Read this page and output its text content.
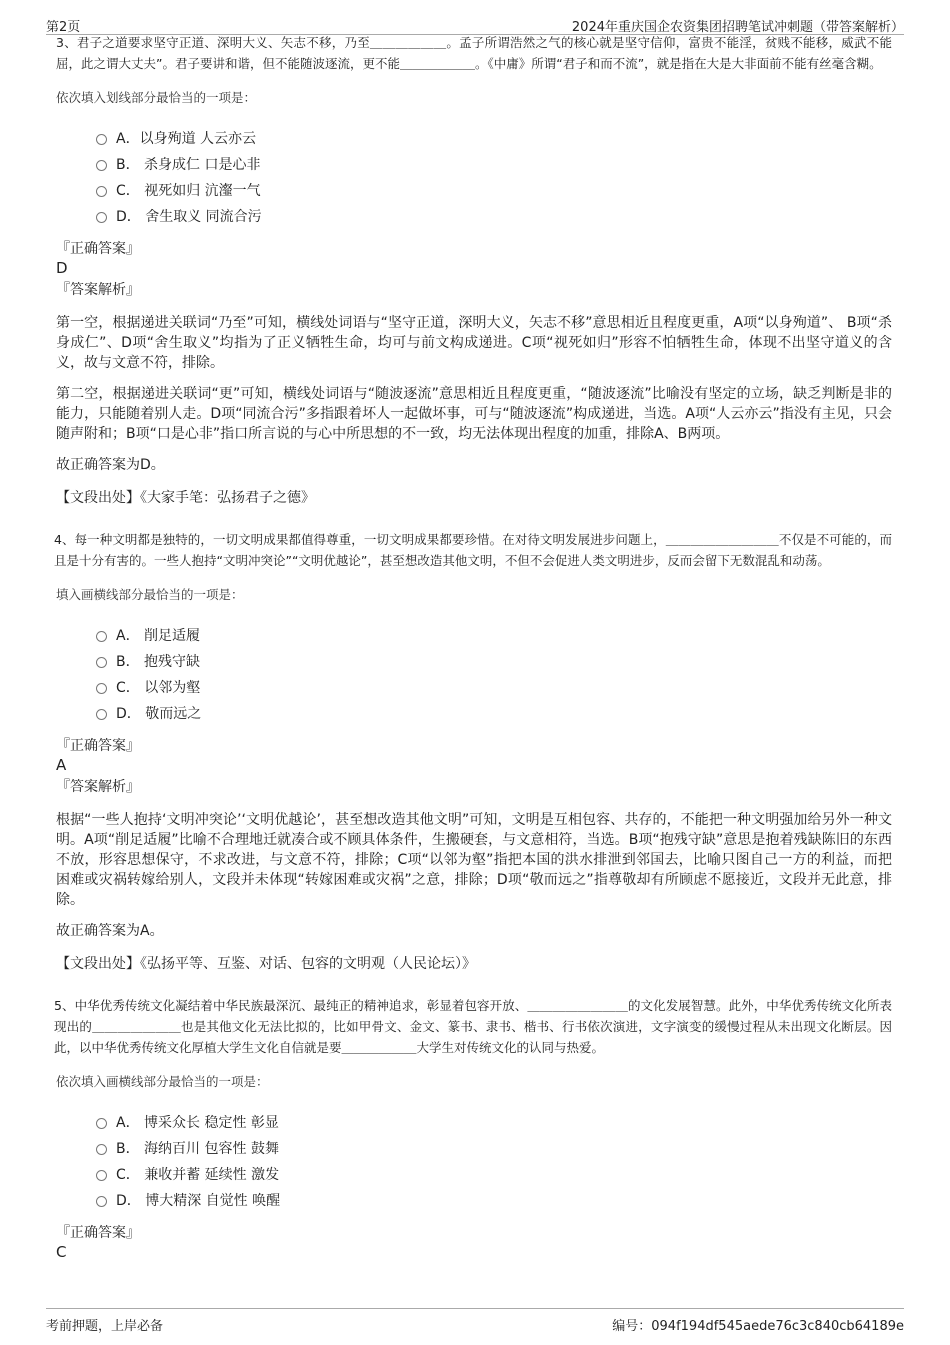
第2页	2024年重庆国企农资集团招聘笔试冲刺题（带答案解析）

3、君子之道要求坚守正道、深明大义、矢志不移，乃至＿＿＿＿＿＿。孟子所谓浩然之气的核心就是坚守信仰，富贵不能淫，贫贱不能移，威武不能屈，此之谓大丈夫”。君子要讲和谐，但不能随波逐流，更不能＿＿＿＿＿＿。《中庸》所谓“君子和而不流”，就是指在大是大非面前不能有丝毫含糊。

依次填入划线部分最恰当的一项是：

A．以身殉道 人云亦云
B． 杀身成仁 口是心非
C． 视死如归 沆瀣一气
D． 舍生取义 同流合污
『正确答案』
D
『答案解析』

第一空，根据递进关联词“乃至”可知，横线处词语与“坚守正道，深明大义，矢志不移”意思相近且程度更重，A项“以身殉道”、 B项“杀身成仁”、D项“舍生取义”均指为了正义牺牲生命，均可与前文构成递进。C项“视死如归”形容不怕牺牲生命，体现不出坚守道义的含义，故与文意不符，排除。

第二空，根据递进关联词“更”可知，横线处词语与“随波逐流”意思相近且程度更重，“随波逐流”比喻没有坚定的立场，缺乏判断是非的能力，只能随着别人走。D项“同流合污”多指跟着坏人一起做坏事，可与“随波逐流”构成递进，当选。A项“人云亦云”指没有主见，只会随声附和；B项“口是心非”指口所言说的与心中所思想的不一致，均无法体现出程度的加重，排除A、B两项。

故正确答案为D。

【文段出处】《大家手笔：弘扬君子之德》

4、每一种文明都是独特的，一切文明成果都值得尊重，一切文明成果都要珍惜。在对待文明发展进步问题上，＿＿＿＿＿＿＿＿＿不仅是不可能的，而且是十分有害的。一些人抱持“文明冲突论”“文明优越论”，甚至想改造其他文明，不但不会促进人类文明进步，反而会留下无数混乱和动荡。

填入画横线部分最恰当的一项是：

A． 削足适履
B． 抱残守缺
C． 以邻为壑
D． 敬而远之
『正确答案』
A
『答案解析』

根据“一些人抱持‘文明冲突论’‘文明优越论’，甚至想改造其他文明”可知，文明是互相包容、共存的，不能把一种文明强加给另外一种文明。A项“削足适履”比喻不合理地迁就凑合或不顾具体条件，生搬硬套，与文意相符，当选。B项“抱残守缺”意思是抱着残缺陈旧的东西不放，形容思想保守，不求改进，与文意不符，排除；C项“以邻为壑”指把本国的洪水排泄到邻国去，比喻只图自己一方的利益，而把困难或灾祸转嫁给别人，文段并未体现“转嫁困难或灾祸”之意，排除；D项“敬而远之”指尊敬却有所顾虑不愿接近，文段并无此意，排除。

故正确答案为A。

【文段出处】《弘扬平等、互鉴、对话、包容的文明观（人民论坛）》

5、中华优秀传统文化凝结着中华民族最深沉、最纯正的精神追求，彰显着包容开放、＿＿＿＿＿＿＿＿的文化发展智慧。此外，中华优秀传统文化所表现出的＿＿＿＿＿＿＿也是其他文化无法比拟的，比如甲骨文、金文、篆书、隶书、楷书、行书依次演进，文字演变的缓慢过程从未出现文化断层。因此，以中华优秀传统文化厚植大学生文化自信就是要＿＿＿＿＿＿大学生对传统文化的认同与热爱。

依次填入画横线部分最恰当的一项是：

A． 博采众长 稳定性 彰显
B． 海纳百川 包容性 鼓舞
C． 兼收并蓄 延续性 激发
D． 博大精深 自觉性 唤醒
『正确答案』
C
考前押题，上岸必备	编号：094f194df545aede76c3c840cb64189e
